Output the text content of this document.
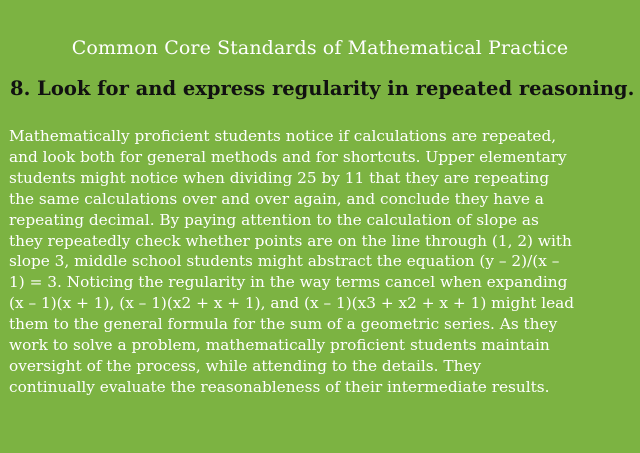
Common Core Standards of Mathematical Practice
8. Look for and express regularity in repeated reasoning.
Mathematically proficient students notice if calculations are repeated,
and look both for general methods and for shortcuts. Upper elementary
students might notice when dividing 25 by 11 that they are repeating
the same calculations over and over again, and conclude they have a
repeating decimal. By paying attention to the calculation of slope as
they repeatedly check whether points are on the line through (1, 2) with
slope 3, middle school students might abstract the equation (y – 2)/(x –
1) = 3. Noticing the regularity in the way terms cancel when expanding
(x – 1)(x + 1), (x – 1)(x2 + x + 1), and (x – 1)(x3 + x2 + x + 1) might lead
them to the general formula for the sum of a geometric series. As they
work to solve a problem, mathematically proficient students maintain
oversight of the process, while attending to the details. They
continually evaluate the reasonableness of their intermediate results.
